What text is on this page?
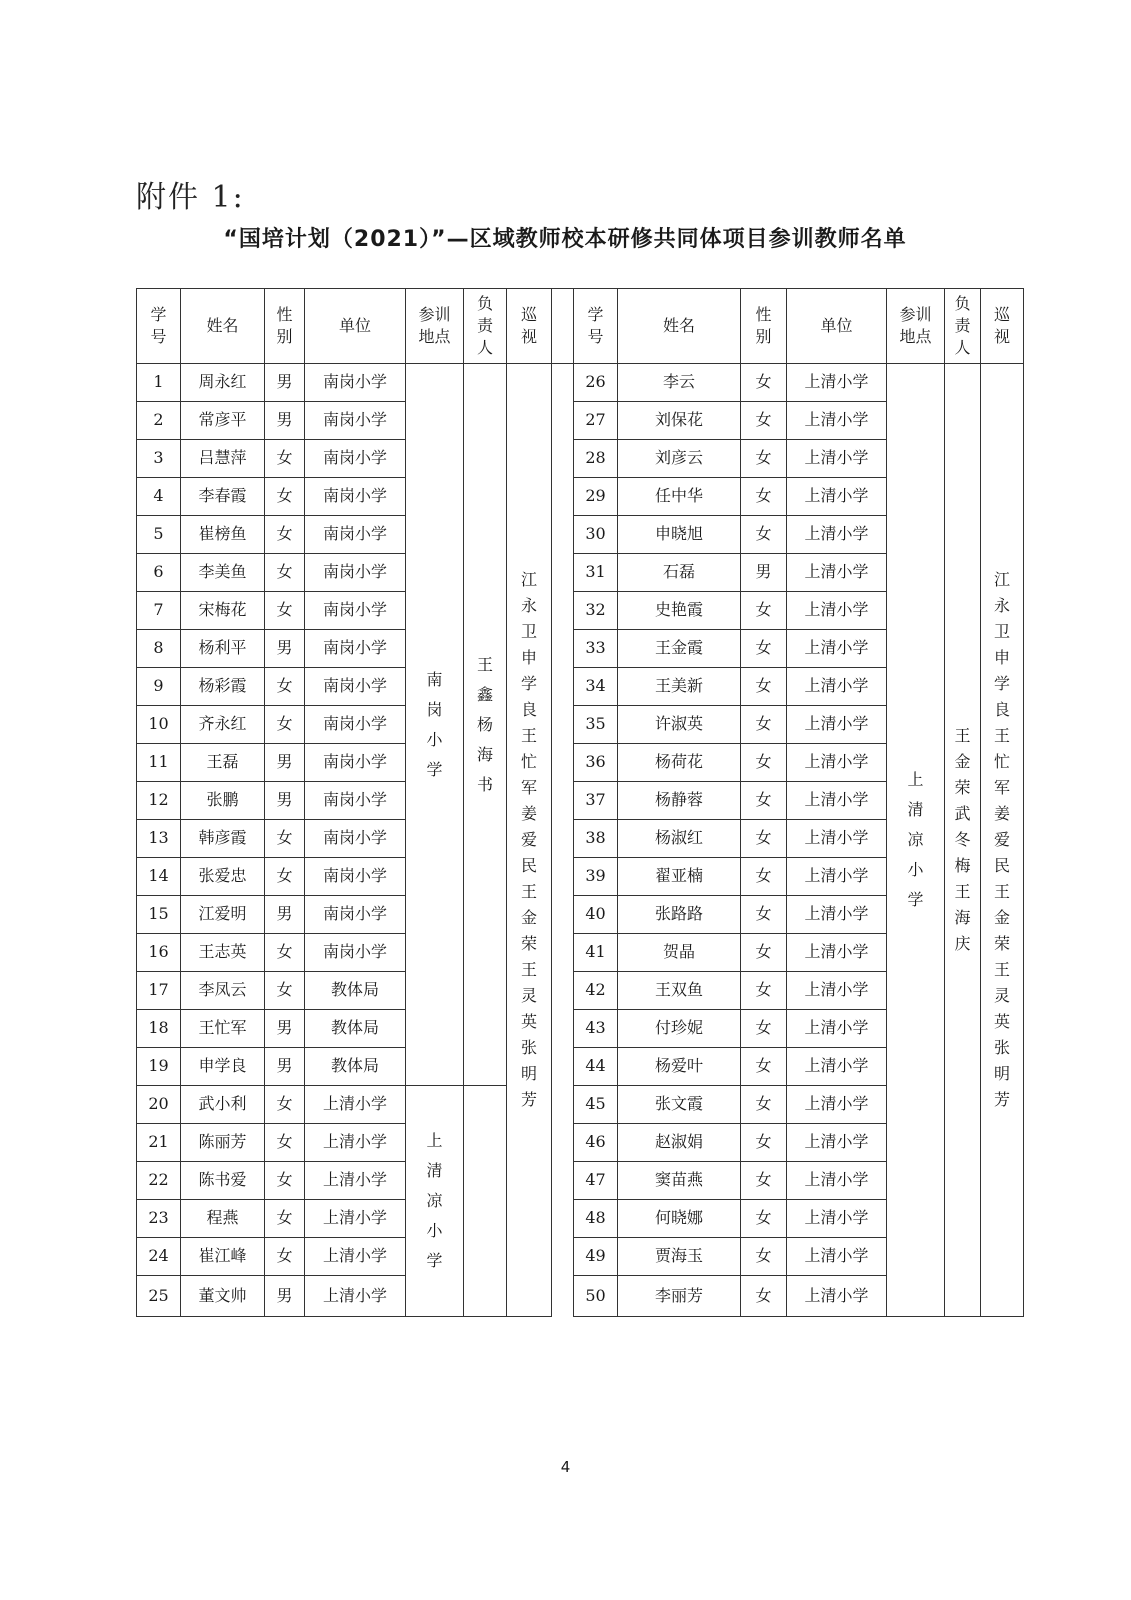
附件 1:
“国培计划（2021）”—区域教师校本研修共同体项目参训教师名单
学号	姓名	性别	单位	参训地点	负责人	巡视		学号	姓名	性别	单位	参训地点	负责人	巡视
1	周永红	男	南岗小学	南岗小学	王鑫杨海书	江永卫申学良王忙军姜爱民王金荣王灵英张明芳		26	李云	女	上清小学	上清凉小学	王金荣武冬梅王海庆	江永卫申学良王忙军姜爱民王金荣王灵英张明芳
2	常彦平	男	南岗小学					27	刘保花	女	上清小学			
3	吕慧萍	女	南岗小学					28	刘彦云	女	上清小学			
4	李春霞	女	南岗小学					29	任中华	女	上清小学			
5	崔榜鱼	女	南岗小学					30	申晓旭	女	上清小学			
6	李美鱼	女	南岗小学					31	石磊	男	上清小学			
7	宋梅花	女	南岗小学					32	史艳霞	女	上清小学			
8	杨利平	男	南岗小学					33	王金霞	女	上清小学			
9	杨彩霞	女	南岗小学					34	王美新	女	上清小学			
10	齐永红	女	南岗小学					35	许淑英	女	上清小学			
11	王磊	男	南岗小学					36	杨荷花	女	上清小学			
12	张鹏	男	南岗小学					37	杨静蓉	女	上清小学			
13	韩彦霞	女	南岗小学					38	杨淑红	女	上清小学			
14	张爱忠	女	南岗小学					39	翟亚楠	女	上清小学			
15	江爱明	男	南岗小学					40	张路路	女	上清小学			
16	王志英	女	南岗小学					41	贺晶	女	上清小学			
17	李凤云	女	教体局					42	王双鱼	女	上清小学			
18	王忙军	男	教体局					43	付珍妮	女	上清小学			
19	申学良	男	教体局					44	杨爱叶	女	上清小学			
20	武小利	女	上清小学	上清凉小学				45	张文霞	女	上清小学			
21	陈丽芳	女	上清小学					46	赵淑娟	女	上清小学			
22	陈书爱	女	上清小学					47	窦苗燕	女	上清小学			
23	程燕	女	上清小学					48	何晓娜	女	上清小学			
24	崔江峰	女	上清小学					49	贾海玉	女	上清小学			
25	董文帅	男	上清小学					50	李丽芳	女	上清小学			
4
